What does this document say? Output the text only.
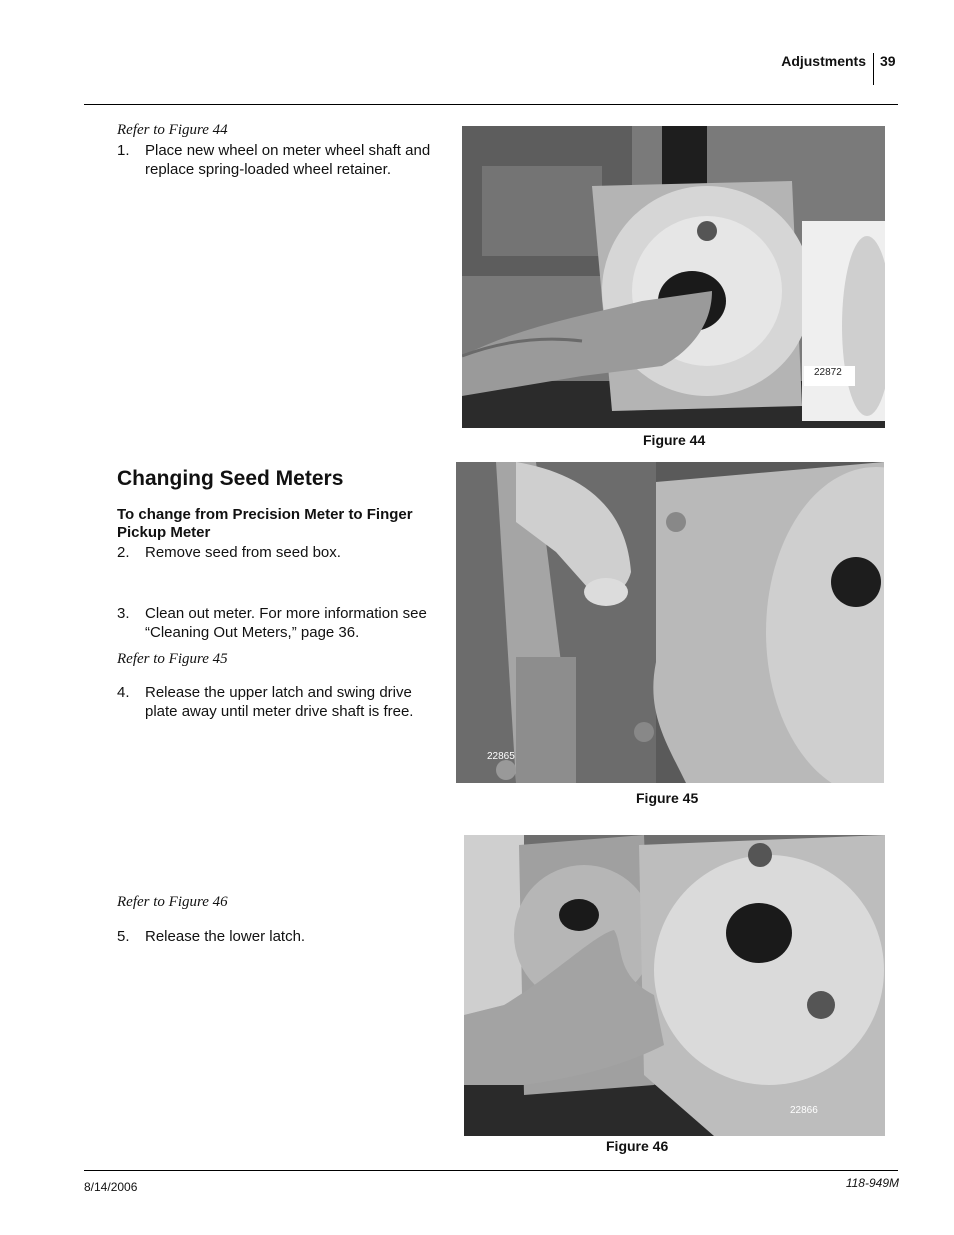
Adjustments 39
Refer to Figure 44
1. Place new wheel on meter wheel shaft and replace spring-loaded wheel retainer.
22872
Figure 44
Changing Seed Meters
To change from Precision Meter to Finger Pickup Meter
2. Remove seed from seed box.
3. Clean out meter. For more information see “Cleaning Out Meters,” page 36.
Refer to Figure 45
4. Release the upper latch and swing drive plate away until meter drive shaft is free.
22865
Figure 45
Refer to Figure 46
5. Release the lower latch.
22866
Figure 46
8/14/2006	118-949M
